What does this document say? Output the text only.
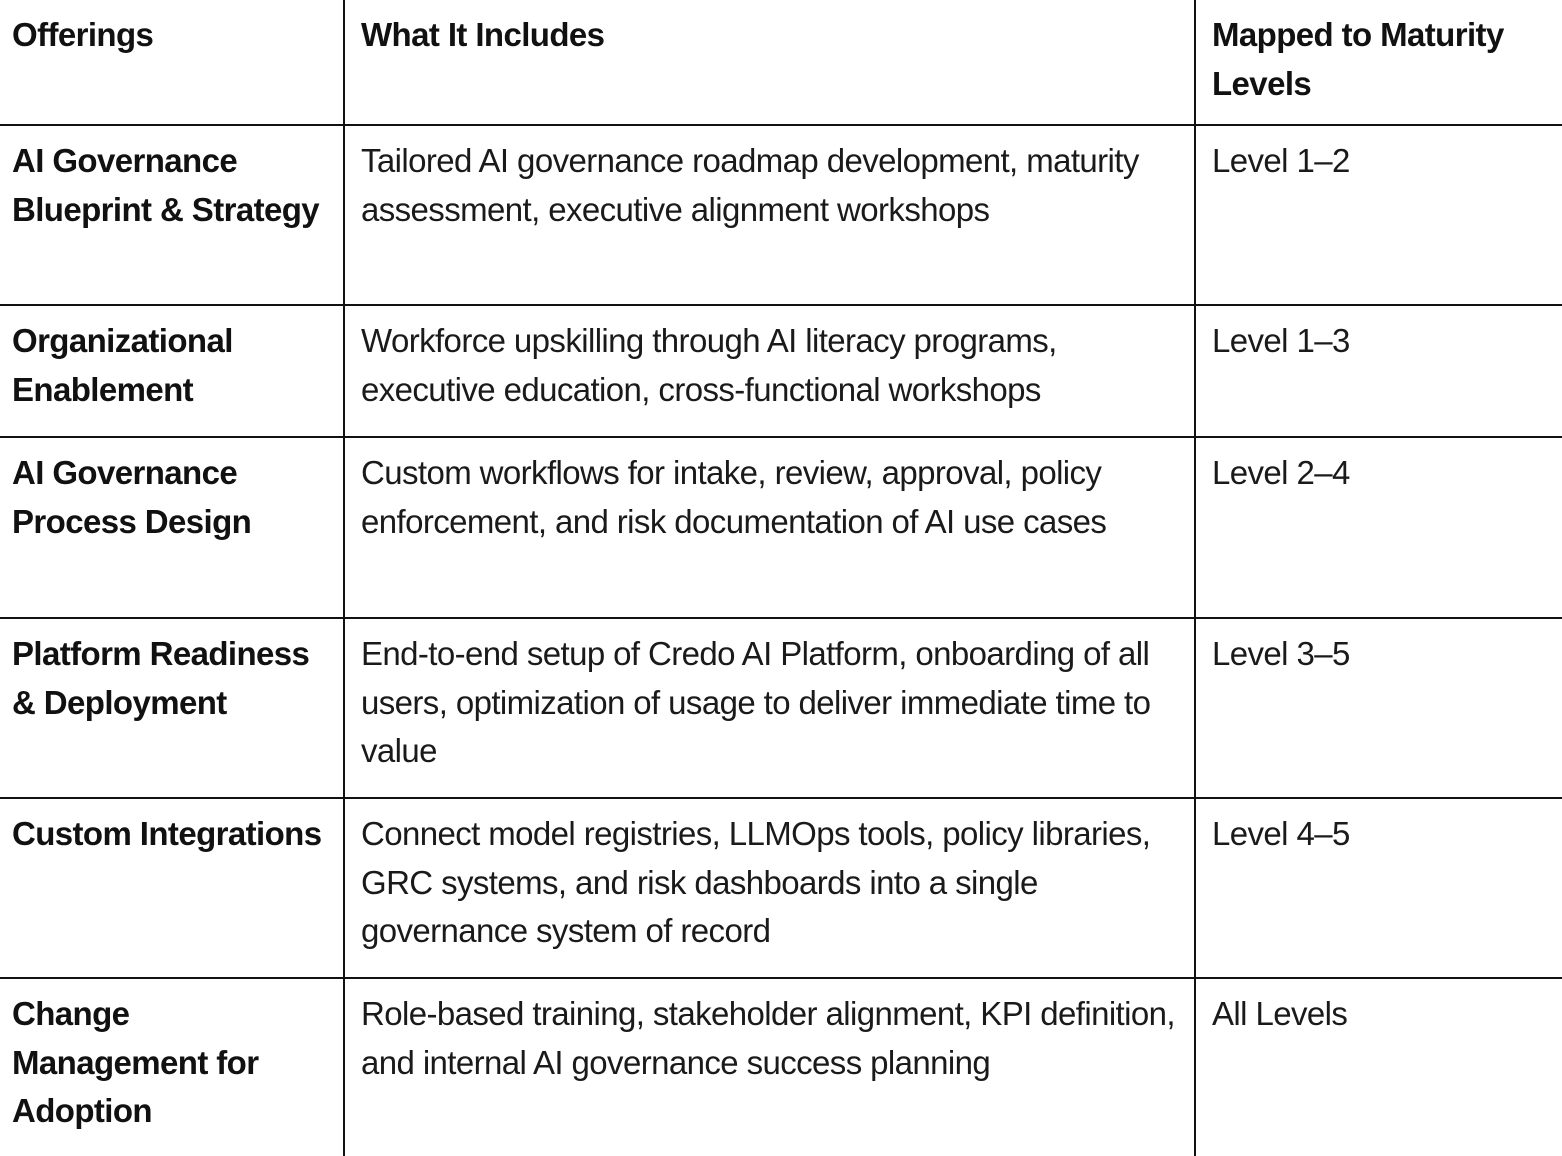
Offerings	What It Includes	Mapped to Maturity Levels
AI Governance Blueprint & Strategy	Tailored AI governance roadmap development, maturity assessment, executive alignment workshops	Level 1–2
Organizational Enablement	Workforce upskilling through AI literacy programs, executive education, cross-functional workshops	Level 1–3
AI Governance Process Design	Custom workflows for intake, review, approval, policy enforcement, and risk documentation of AI use cases	Level 2–4
Platform Readiness & Deployment	End-to-end setup of Credo AI Platform, onboarding of all users, optimization of usage to deliver immediate time to value	Level 3–5
Custom Integrations	Connect model registries, LLMOps tools, policy libraries, GRC systems, and risk dashboards into a single governance system of record	Level 4–5
Change Management for Adoption	Role-based training, stakeholder alignment, KPI definition, and internal AI governance success planning	All Levels
